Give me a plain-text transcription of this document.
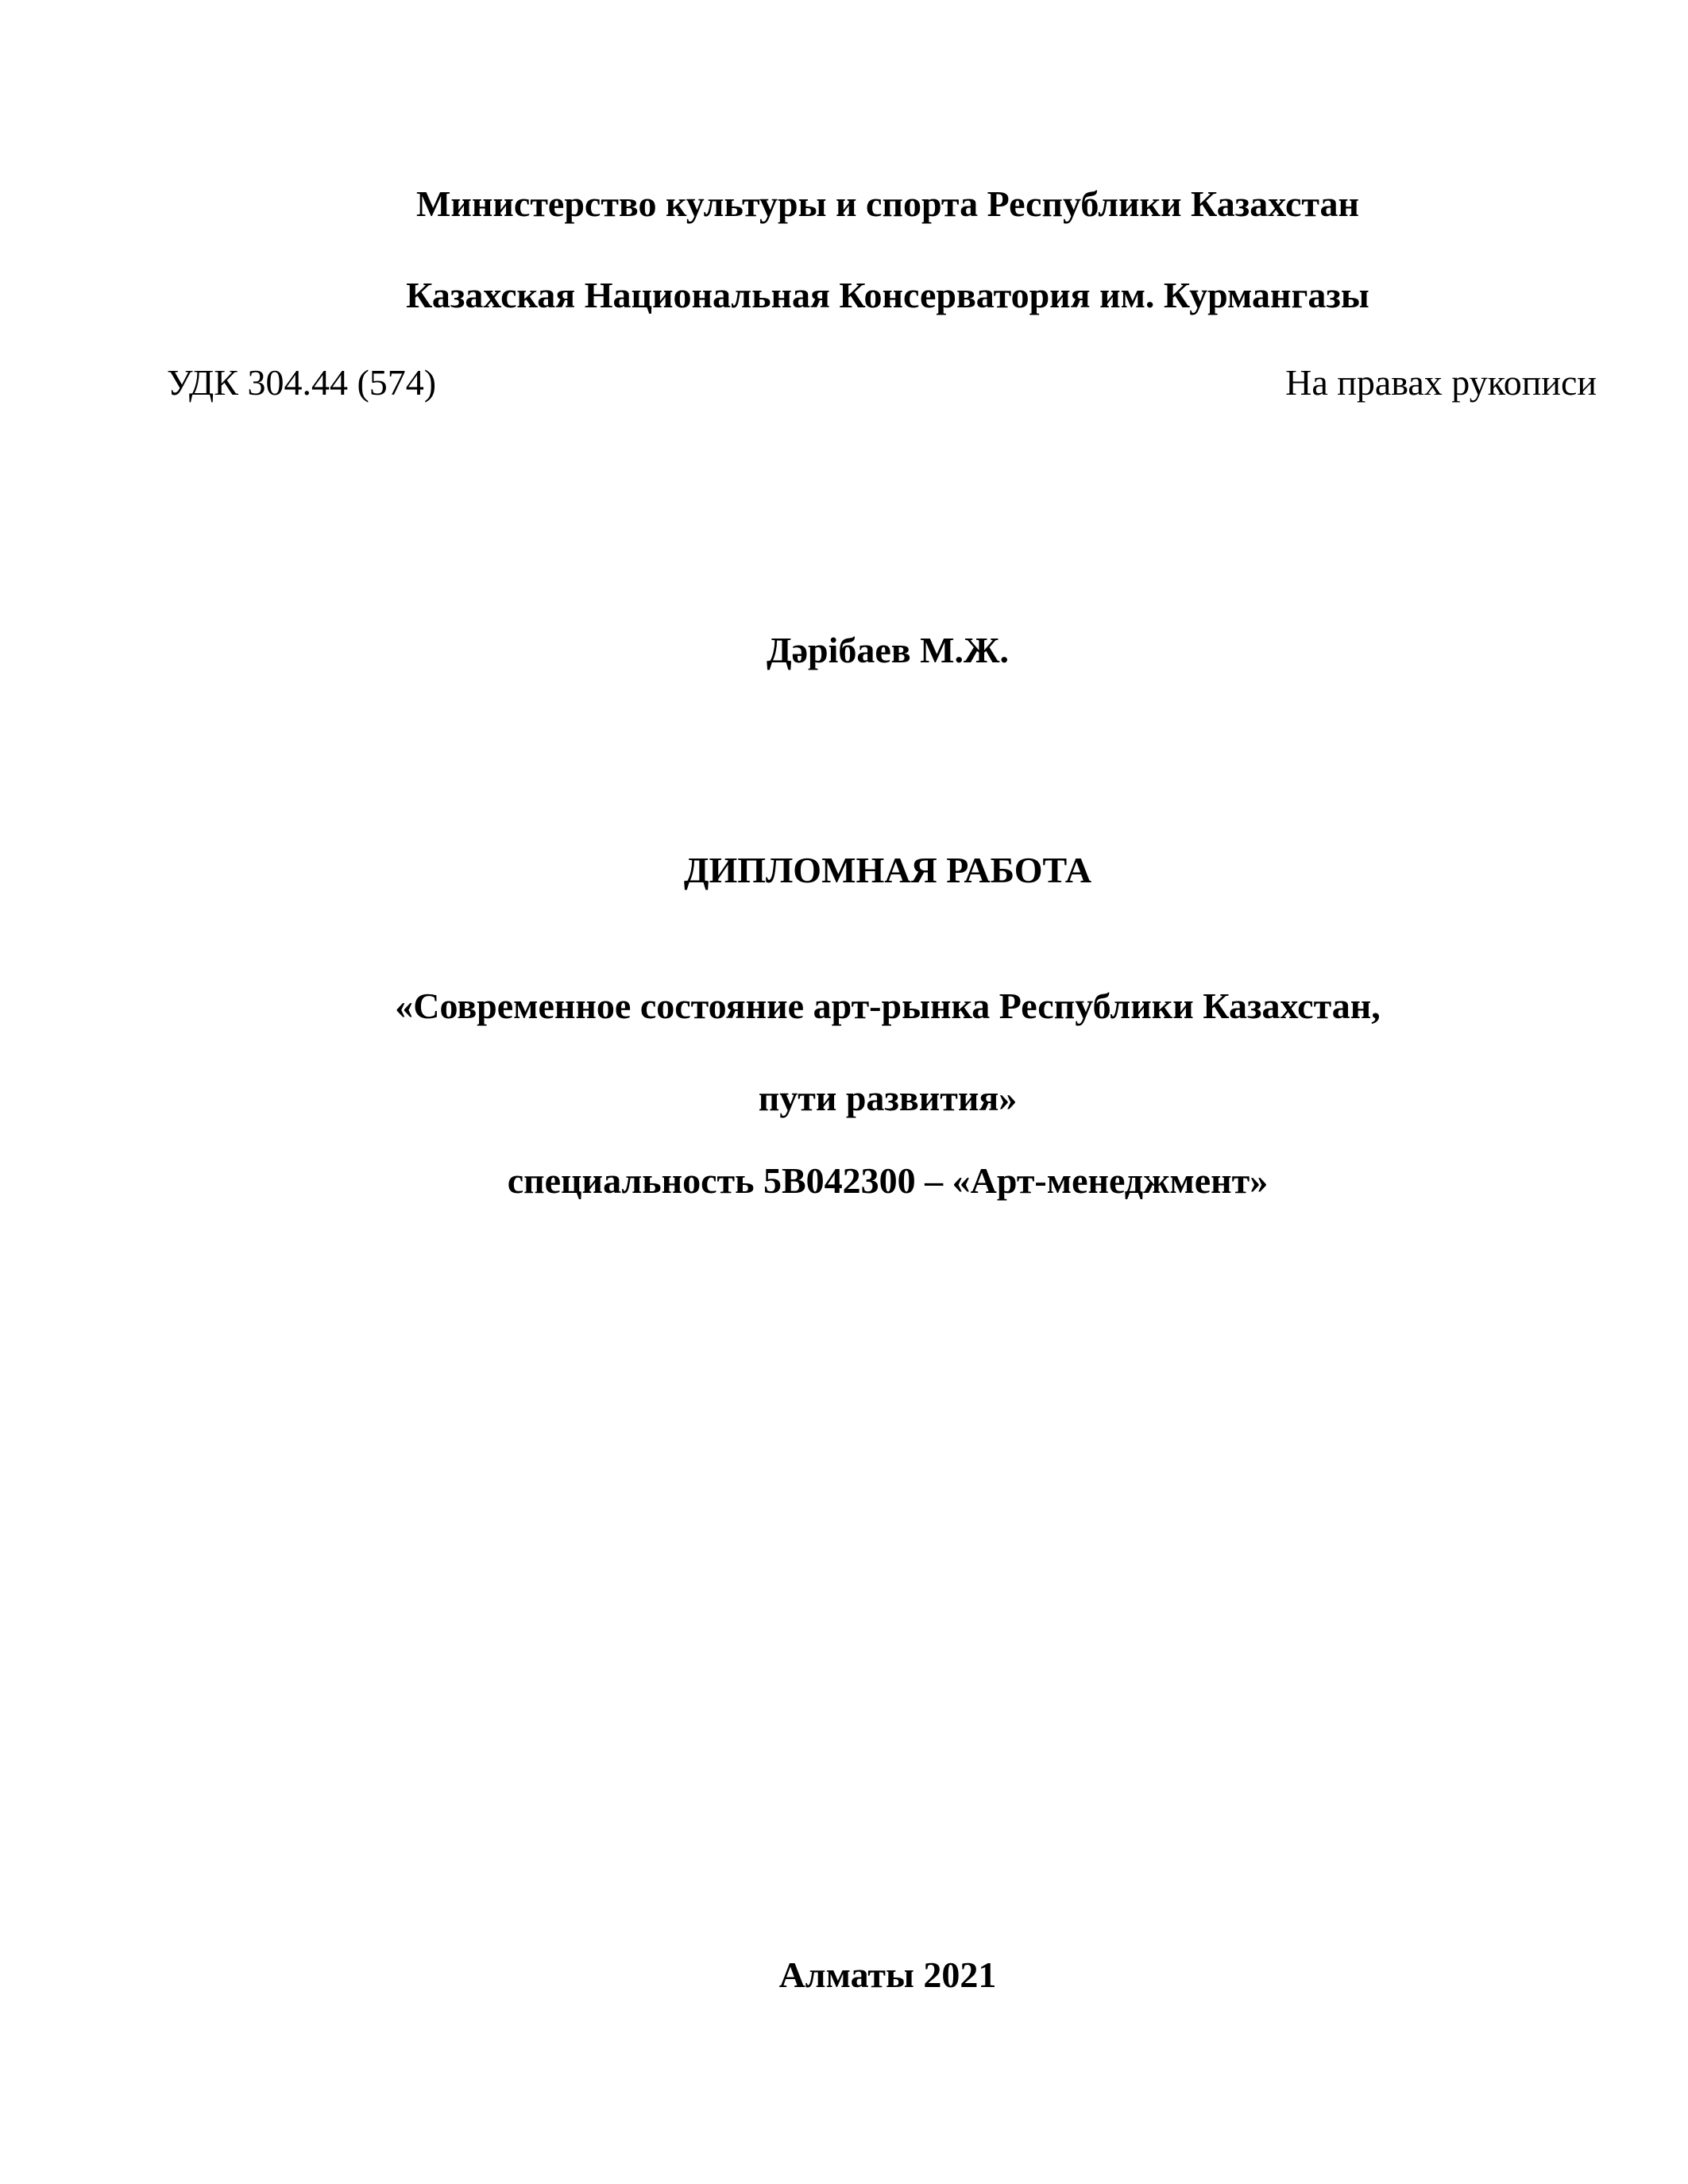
Министерство культуры и спорта Республики Казахстан
Казахская Национальная Консерватория им. Курмангазы
УДК 304.44 (574)	На правах рукописи
Дәрібаев М.Ж.
ДИПЛОМНАЯ РАБОТА

«Современное состояние арт-рынка Республики Казахстан,

пути развития»

специальность 5В042300 – «Арт-менеджмент»
Алматы 2021
